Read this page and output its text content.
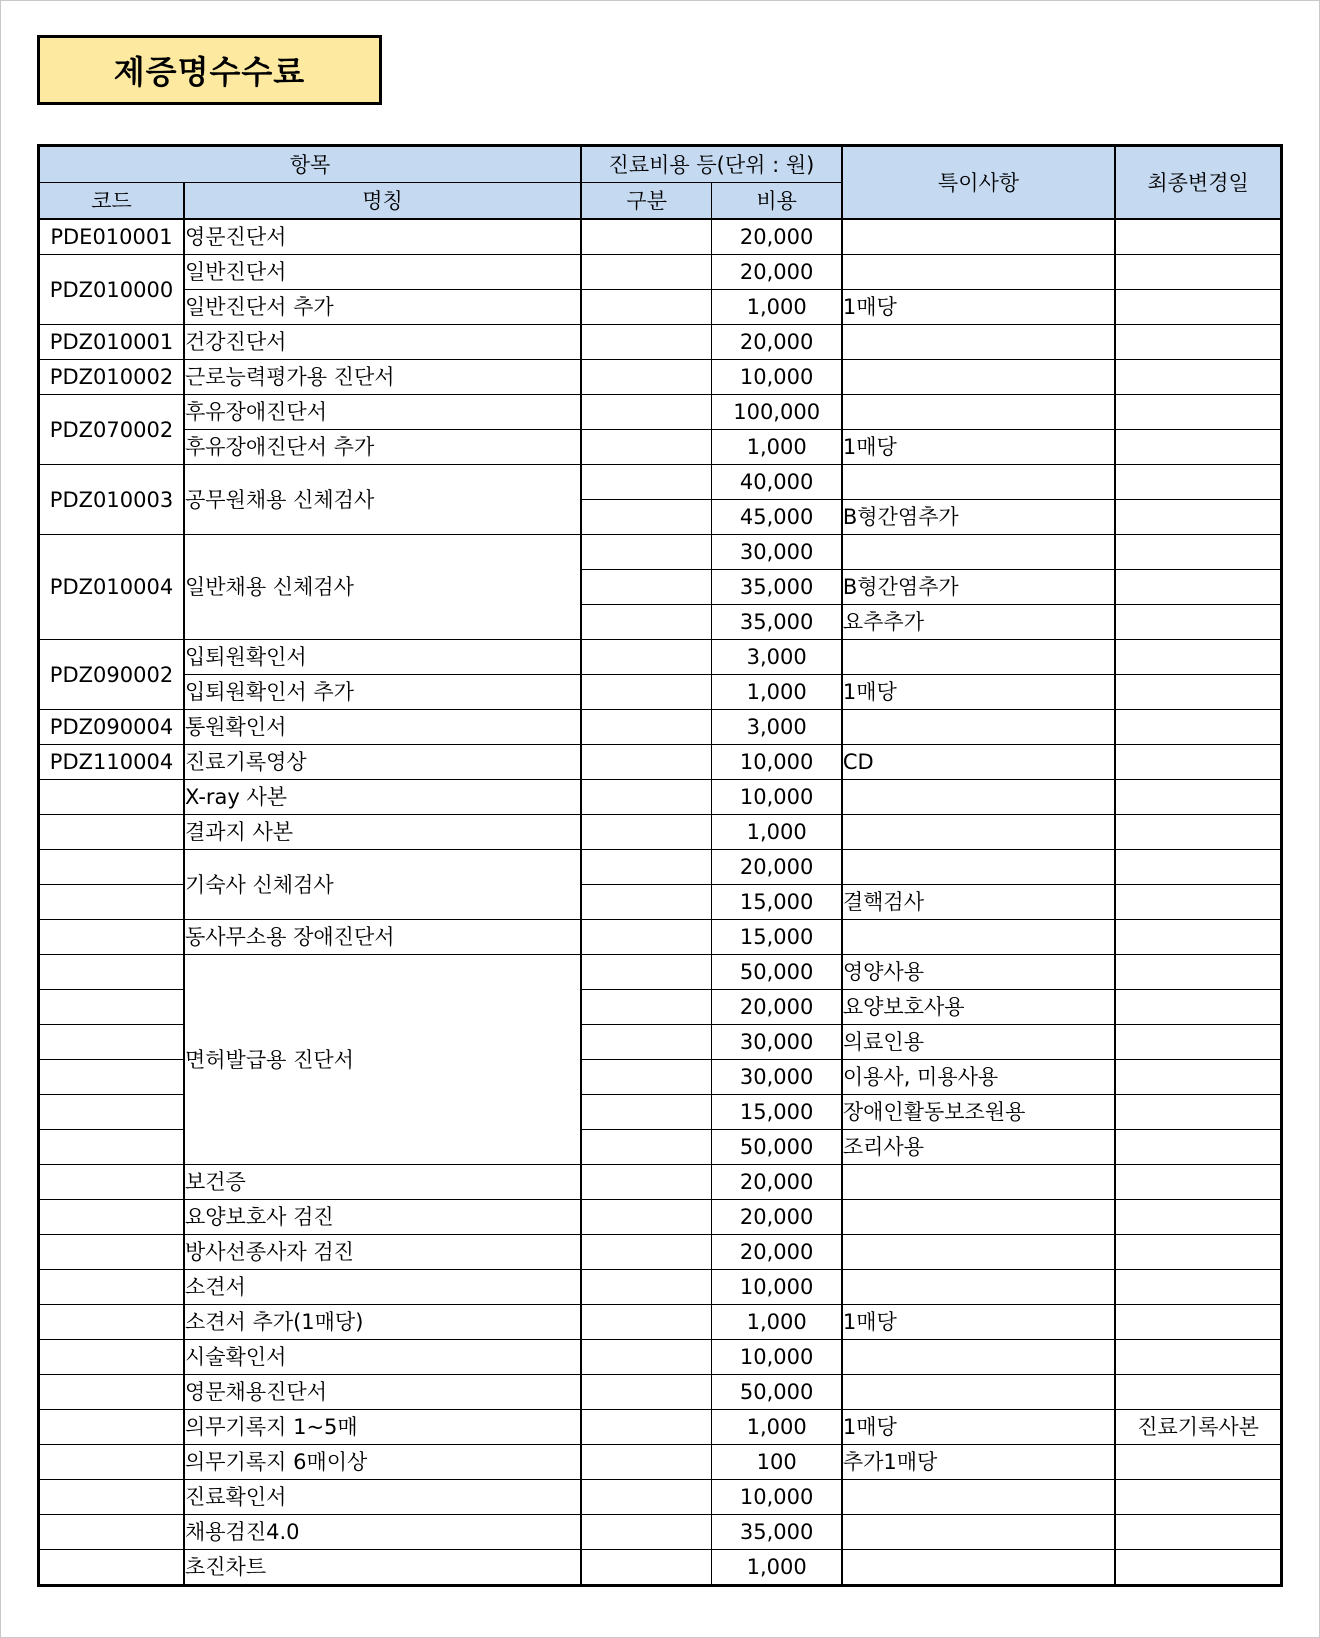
제증명수수료
항목		진료비용 등(단위 : 원)		특이사항	최종변경일
코드	명칭	구분	비용		
PDE010001	영문진단서		20,000		
PDZ010000	일반진단서		20,000		
	일반진단서 추가		1,000	1매당	
PDZ010001	건강진단서		20,000		
PDZ010002	근로능력평가용 진단서		10,000		
PDZ070002	후유장애진단서		100,000		
	후유장애진단서 추가		1,000	1매당	
PDZ010003	공무원채용 신체검사		40,000		
			45,000	B형간염추가	
PDZ010004	일반채용 신체검사		30,000		
			35,000	B형간염추가	
			35,000	요추추가	
PDZ090002	입퇴원확인서		3,000		
	입퇴원확인서 추가		1,000	1매당	
PDZ090004	통원확인서		3,000		
PDZ110004	진료기록영상		10,000	CD	
	X-ray 사본		10,000		
	결과지 사본		1,000		
	기숙사 신체검사		20,000		
			15,000	결핵검사	
	동사무소용 장애진단서		15,000		
	면허발급용 진단서		50,000	영양사용	
			20,000	요양보호사용	
			30,000	의료인용	
			30,000	이용사, 미용사용	
			15,000	장애인활동보조원용	
			50,000	조리사용	
	보건증		20,000		
	요양보호사 검진		20,000		
	방사선종사자 검진		20,000		
	소견서		10,000		
	소견서 추가(1매당)		1,000	1매당	
	시술확인서		10,000		
	영문채용진단서		50,000		
	의무기록지 1~5매		1,000	1매당	진료기록사본
	의무기록지 6매이상		100	추가1매당	
	진료확인서		10,000		
	채용검진4.0		35,000		
	초진차트		1,000		
